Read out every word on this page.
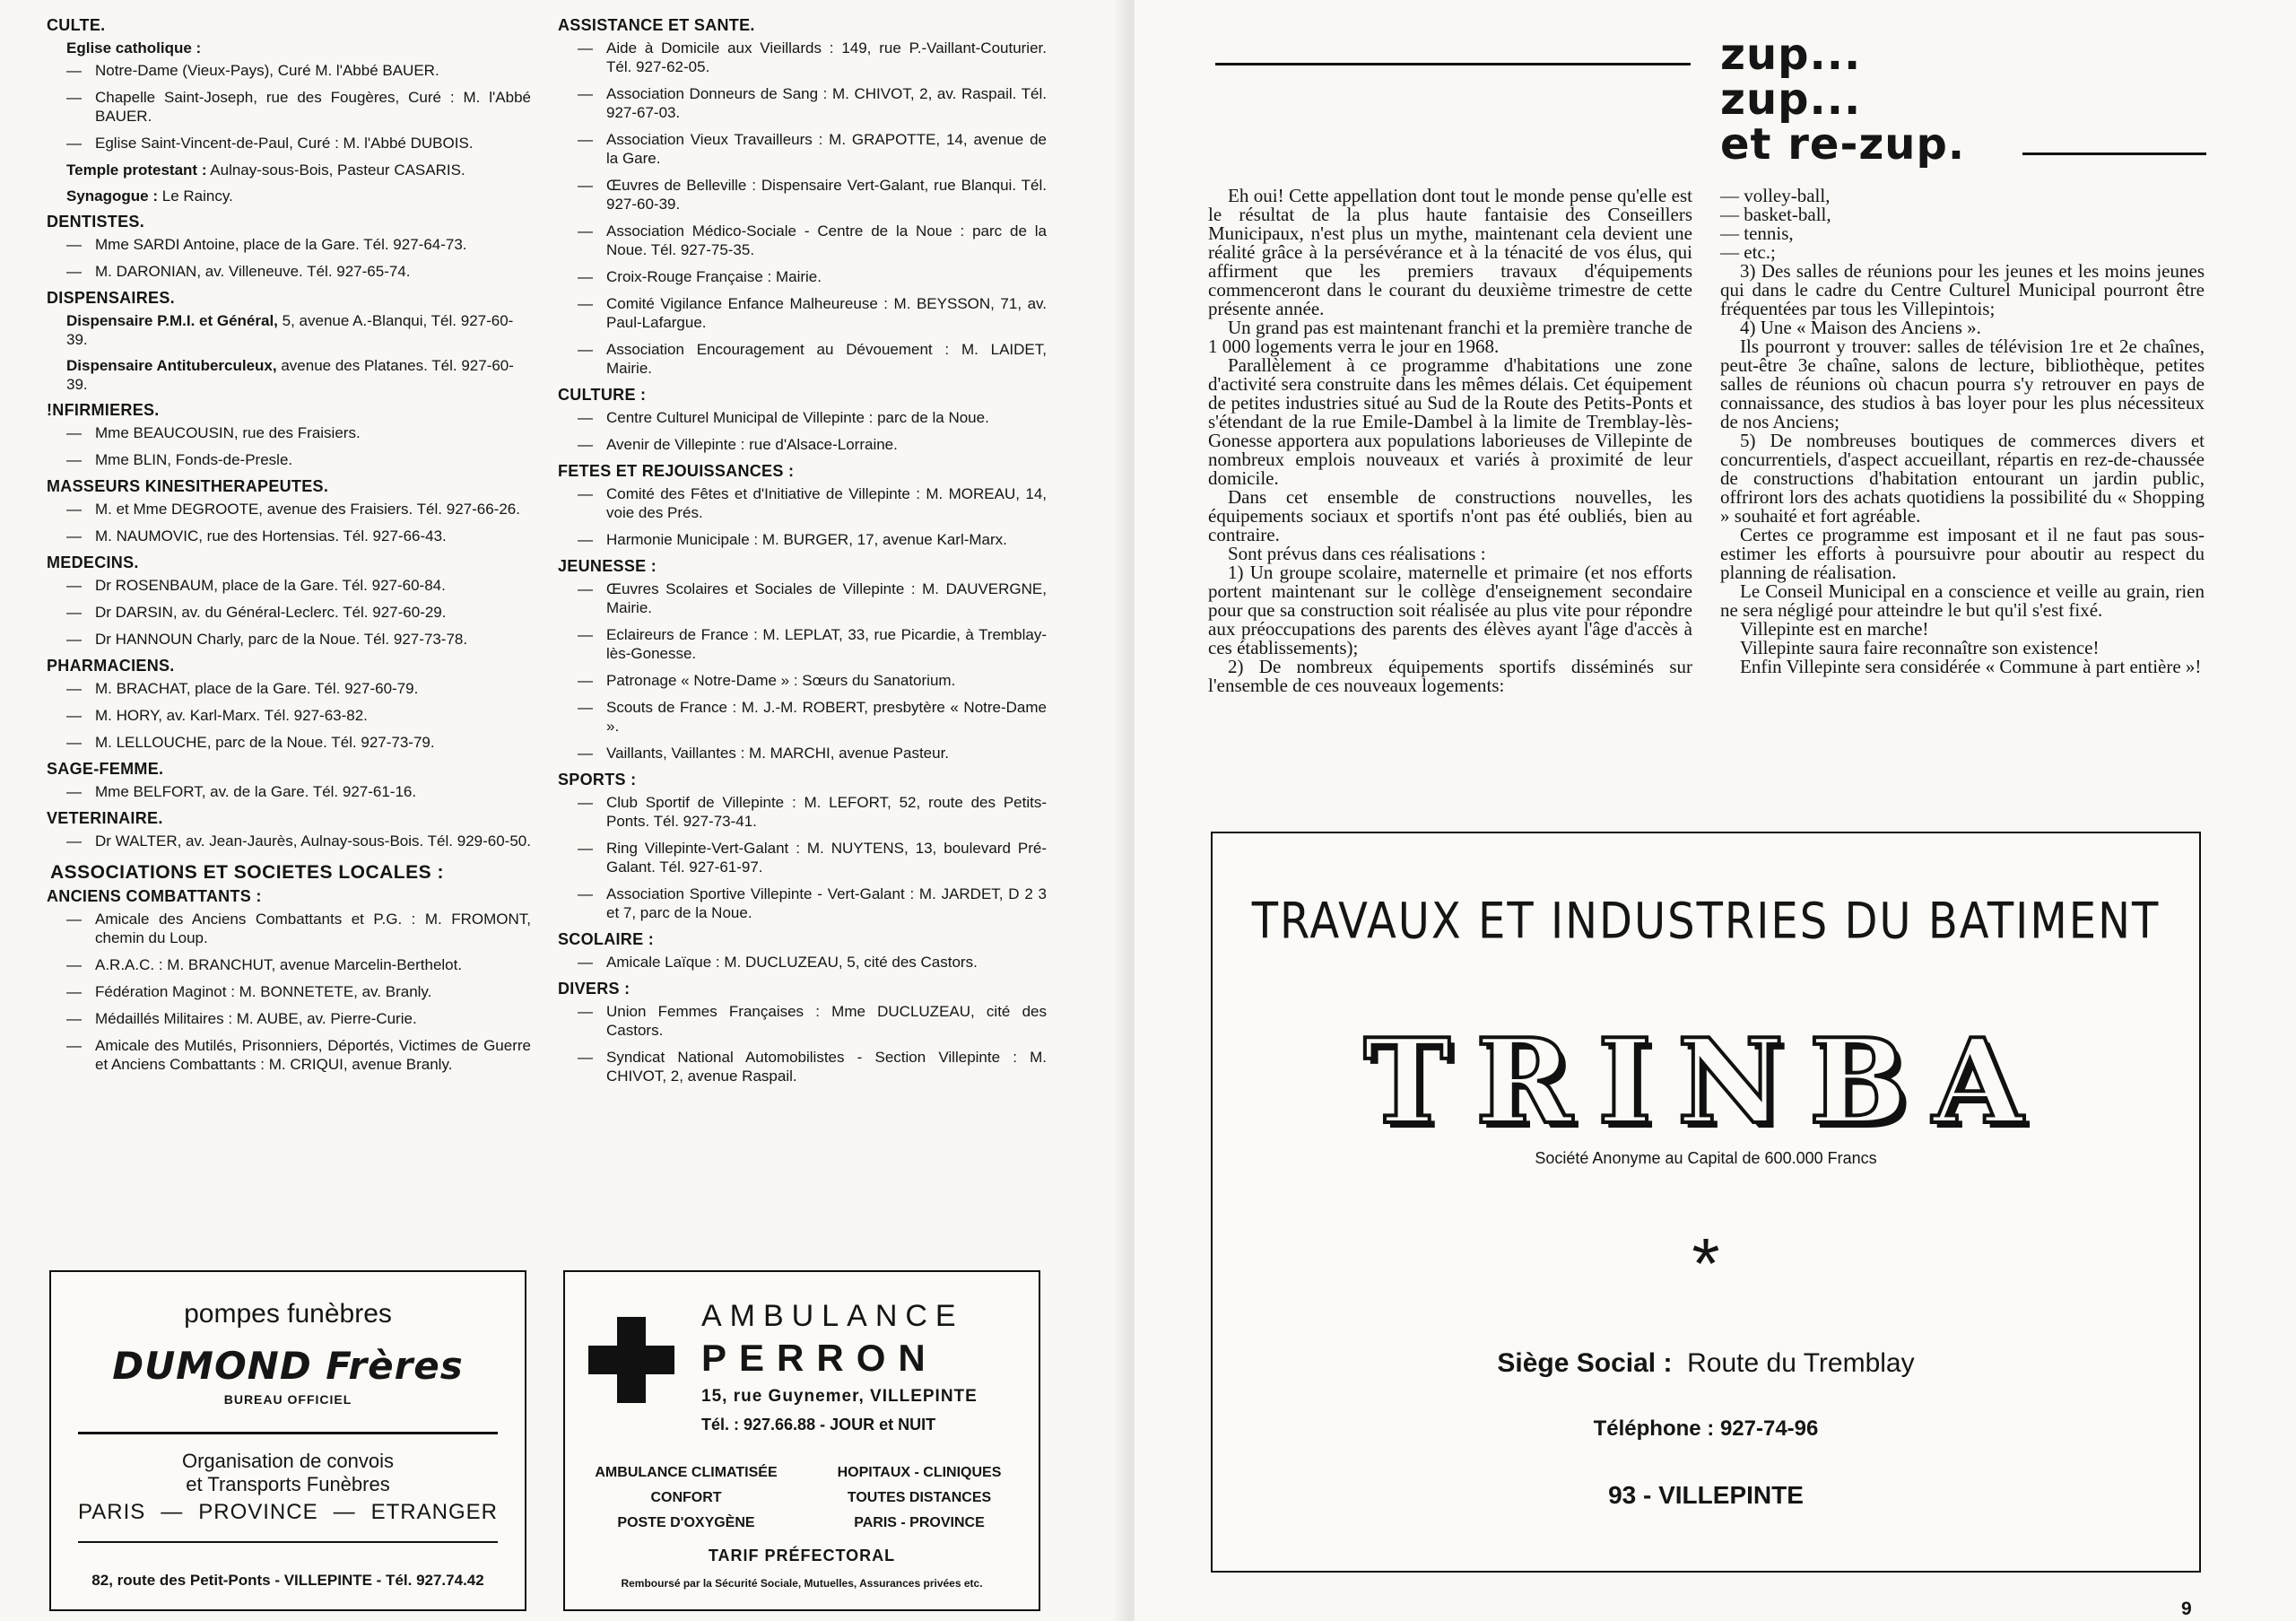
CULTE.
Eglise catholique :
— Notre-Dame (Vieux-Pays), Curé M. l'Abbé BAUER.
— Chapelle Saint-Joseph, rue des Fougères, Curé : M. l'Abbé BAUER.
— Eglise Saint-Vincent-de-Paul, Curé : M. l'Abbé DUBOIS.
Temple protestant : Aulnay-sous-Bois, Pasteur CASARIS.
Synagogue : Le Raincy.
DENTISTES.
— Mme SARDI Antoine, place de la Gare. Tél. 927-64-73.
— M. DARONIAN, av. Villeneuve. Tél. 927-65-74.
DISPENSAIRES.
Dispensaire P.M.I. et Général, 5, avenue A.-Blanqui, Tél. 927-60-39.
Dispensaire Antituberculeux, avenue des Platanes. Tél. 927-60-39.
!NFIRMIERES.
— Mme BEAUCOUSIN, rue des Fraisiers.
— Mme BLIN, Fonds-de-Presle.
MASSEURS KINESITHERAPEUTES.
— M. et Mme DEGROOTE, avenue des Fraisiers. Tél. 927-66-26.
— M. NAUMOVIC, rue des Hortensias. Tél. 927-66-43.
MEDECINS.
— Dr ROSENBAUM, place de la Gare. Tél. 927-60-84.
— Dr DARSIN, av. du Général-Leclerc. Tél. 927-60-29.
— Dr HANNOUN Charly, parc de la Noue. Tél. 927-73-78.
PHARMACIENS.
— M. BRACHAT, place de la Gare. Tél. 927-60-79.
— M. HORY, av. Karl-Marx. Tél. 927-63-82.
— M. LELLOUCHE, parc de la Noue. Tél. 927-73-79.
SAGE-FEMME.
— Mme BELFORT, av. de la Gare. Tél. 927-61-16.
VETERINAIRE.
— Dr WALTER, av. Jean-Jaurès, Aulnay-sous-Bois. Tél. 929-60-50.
ASSOCIATIONS ET SOCIETES LOCALES :
ANCIENS COMBATTANTS :
— Amicale des Anciens Combattants et P.G. : M. FROMONT, chemin du Loup.
— A.R.A.C. : M. BRANCHUT, avenue Marcelin-Berthelot.
— Fédération Maginot : M. BONNETETE, av. Branly.
— Médaillés Militaires : M. AUBE, av. Pierre-Curie.
— Amicale des Mutilés, Prisonniers, Déportés, Victimes de Guerre et Anciens Combattants : M. CRIQUI, avenue Branly.
ASSISTANCE ET SANTE.
— Aide à Domicile aux Vieillards : 149, rue P.-Vaillant-Couturier. Tél. 927-62-05.
— Association Donneurs de Sang : M. CHIVOT, 2, av. Raspail. Tél. 927-67-03.
— Association Vieux Travailleurs : M. GRAPOTTE, 14, avenue de la Gare.
— Œuvres de Belleville : Dispensaire Vert-Galant, rue Blanqui. Tél. 927-60-39.
— Association Médico-Sociale - Centre de la Noue : parc de la Noue. Tél. 927-75-35.
— Croix-Rouge Française : Mairie.
— Comité Vigilance Enfance Malheureuse : M. BEYSSON, 71, av. Paul-Lafargue.
— Association Encouragement au Dévouement : M. LAIDET, Mairie.
CULTURE :
— Centre Culturel Municipal de Villepinte : parc de la Noue.
— Avenir de Villepinte : rue d'Alsace-Lorraine.
FETES ET REJOUISSANCES :
— Comité des Fêtes et d'Initiative de Villepinte : M. MOREAU, 14, voie des Prés.
— Harmonie Municipale : M. BURGER, 17, avenue Karl-Marx.
JEUNESSE :
— Œuvres Scolaires et Sociales de Villepinte : M. DAUVERGNE, Mairie.
— Eclaireurs de France : M. LEPLAT, 33, rue Picardie, à Tremblay-lès-Gonesse.
— Patronage « Notre-Dame » : Sœurs du Sanatorium.
— Scouts de France : M. J.-M. ROBERT, presbytère « Notre-Dame ».
— Vaillants, Vaillantes : M. MARCHI, avenue Pasteur.
SPORTS :
— Club Sportif de Villepinte : M. LEFORT, 52, route des Petits-Ponts. Tél. 927-73-41.
— Ring Villepinte-Vert-Galant : M. NUYTENS, 13, boulevard Pré-Galant. Tél. 927-61-97.
— Association Sportive Villepinte - Vert-Galant : M. JARDET, D 2 3 et 7, parc de la Noue.
SCOLAIRE :
— Amicale Laïque : M. DUCLUZEAU, 5, cité des Castors.
DIVERS :
— Union Femmes Françaises : Mme DUCLUZEAU, cité des Castors.
— Syndicat National Automobilistes - Section Villepinte : M. CHIVOT, 2, avenue Raspail.
pompes funèbres
DUMOND Frères
BUREAU OFFICIEL
Organisation de convois
et Transports Funèbres
PARIS — PROVINCE — ETRANGER
82, route des Petit-Ponts - VILLEPINTE - Tél. 927.74.42
AMBULANCE
PERRON
15, rue Guynemer, VILLEPINTE
Tél. : 927.66.88 - JOUR et NUIT
AMBULANCE CLIMATISÉE
CONFORT
POSTE D'OXYGÈNE
HOPITAUX - CLINIQUES
TOUTES DISTANCES
PARIS - PROVINCE
TARIF PRÉFECTORAL
Remboursé par la Sécurité Sociale, Mutuelles, Assurances privées etc.
zup...
zup...
et re-zup.

Eh oui! Cette appellation dont tout le monde pense qu'elle est le résultat de la plus haute fantaisie des Conseillers Municipaux, n'est plus un mythe, maintenant cela devient une réalité grâce à la persévérance et à la ténacité de vos élus, qui affirment que les premiers travaux d'équipements commenceront dans le courant du deuxième trimestre de cette présente année.

Un grand pas est maintenant franchi et la première tranche de 1 000 logements verra le jour en 1968.

Parallèlement à ce programme d'habitations une zone d'activité sera construite dans les mêmes délais. Cet équipement de petites industries situé au Sud de la Route des Petits-Ponts et s'étendant de la rue Emile-Dambel à la limite de Tremblay-lès-Gonesse apportera aux populations laborieuses de Villepinte de nombreux emplois nouveaux et variés à proximité de leur domicile.

Dans cet ensemble de constructions nouvelles, les équipements sociaux et sportifs n'ont pas été oubliés, bien au contraire.

Sont prévus dans ces réalisations :

1) Un groupe scolaire, maternelle et primaire (et nos efforts portent maintenant sur le collège d'enseignement secondaire pour que sa construction soit réalisée au plus vite pour répondre aux préoccupations des parents des élèves ayant l'âge d'accès à ces établissements);

2) De nombreux équipements sportifs disséminés sur l'ensemble de ces nouveaux logements:

— volley-ball,

— basket-ball,

— tennis,

— etc.;

3) Des salles de réunions pour les jeunes et les moins jeunes qui dans le cadre du Centre Culturel Municipal pourront être fréquentées par tous les Villepintois;

4) Une « Maison des Anciens ».

Ils pourront y trouver: salles de télévision 1re et 2e chaînes, peut-être 3e chaîne, salons de lecture, bibliothèque, petites salles de réunions où chacun pourra s'y retrouver en pays de connaissance, des studios à bas loyer pour les plus nécessiteux de nos Anciens;

5) De nombreuses boutiques de commerces divers et concurrentiels, d'aspect accueillant, répartis en rez-de-chaussée de constructions d'habitation entourant un jardin public, offriront lors des achats quotidiens la possibilité du « Shopping » souhaité et fort agréable.

Certes ce programme est imposant et il ne faut pas sous-estimer les efforts à poursuivre pour aboutir au respect du planning de réalisation.

Le Conseil Municipal en a conscience et veille au grain, rien ne sera négligé pour atteindre le but qu'il s'est fixé.

Villepinte est en marche!

Villepinte saura faire reconnaître son existence!

Enfin Villepinte sera considérée « Commune à part entière »!

TRAVAUX ET INDUSTRIES DU BATIMENT
TRINBA
Société Anonyme au Capital de 600.000 Francs
*
Siège Social : Route du Tremblay
Téléphone : 927-74-96
93 - VILLEPINTE
9
